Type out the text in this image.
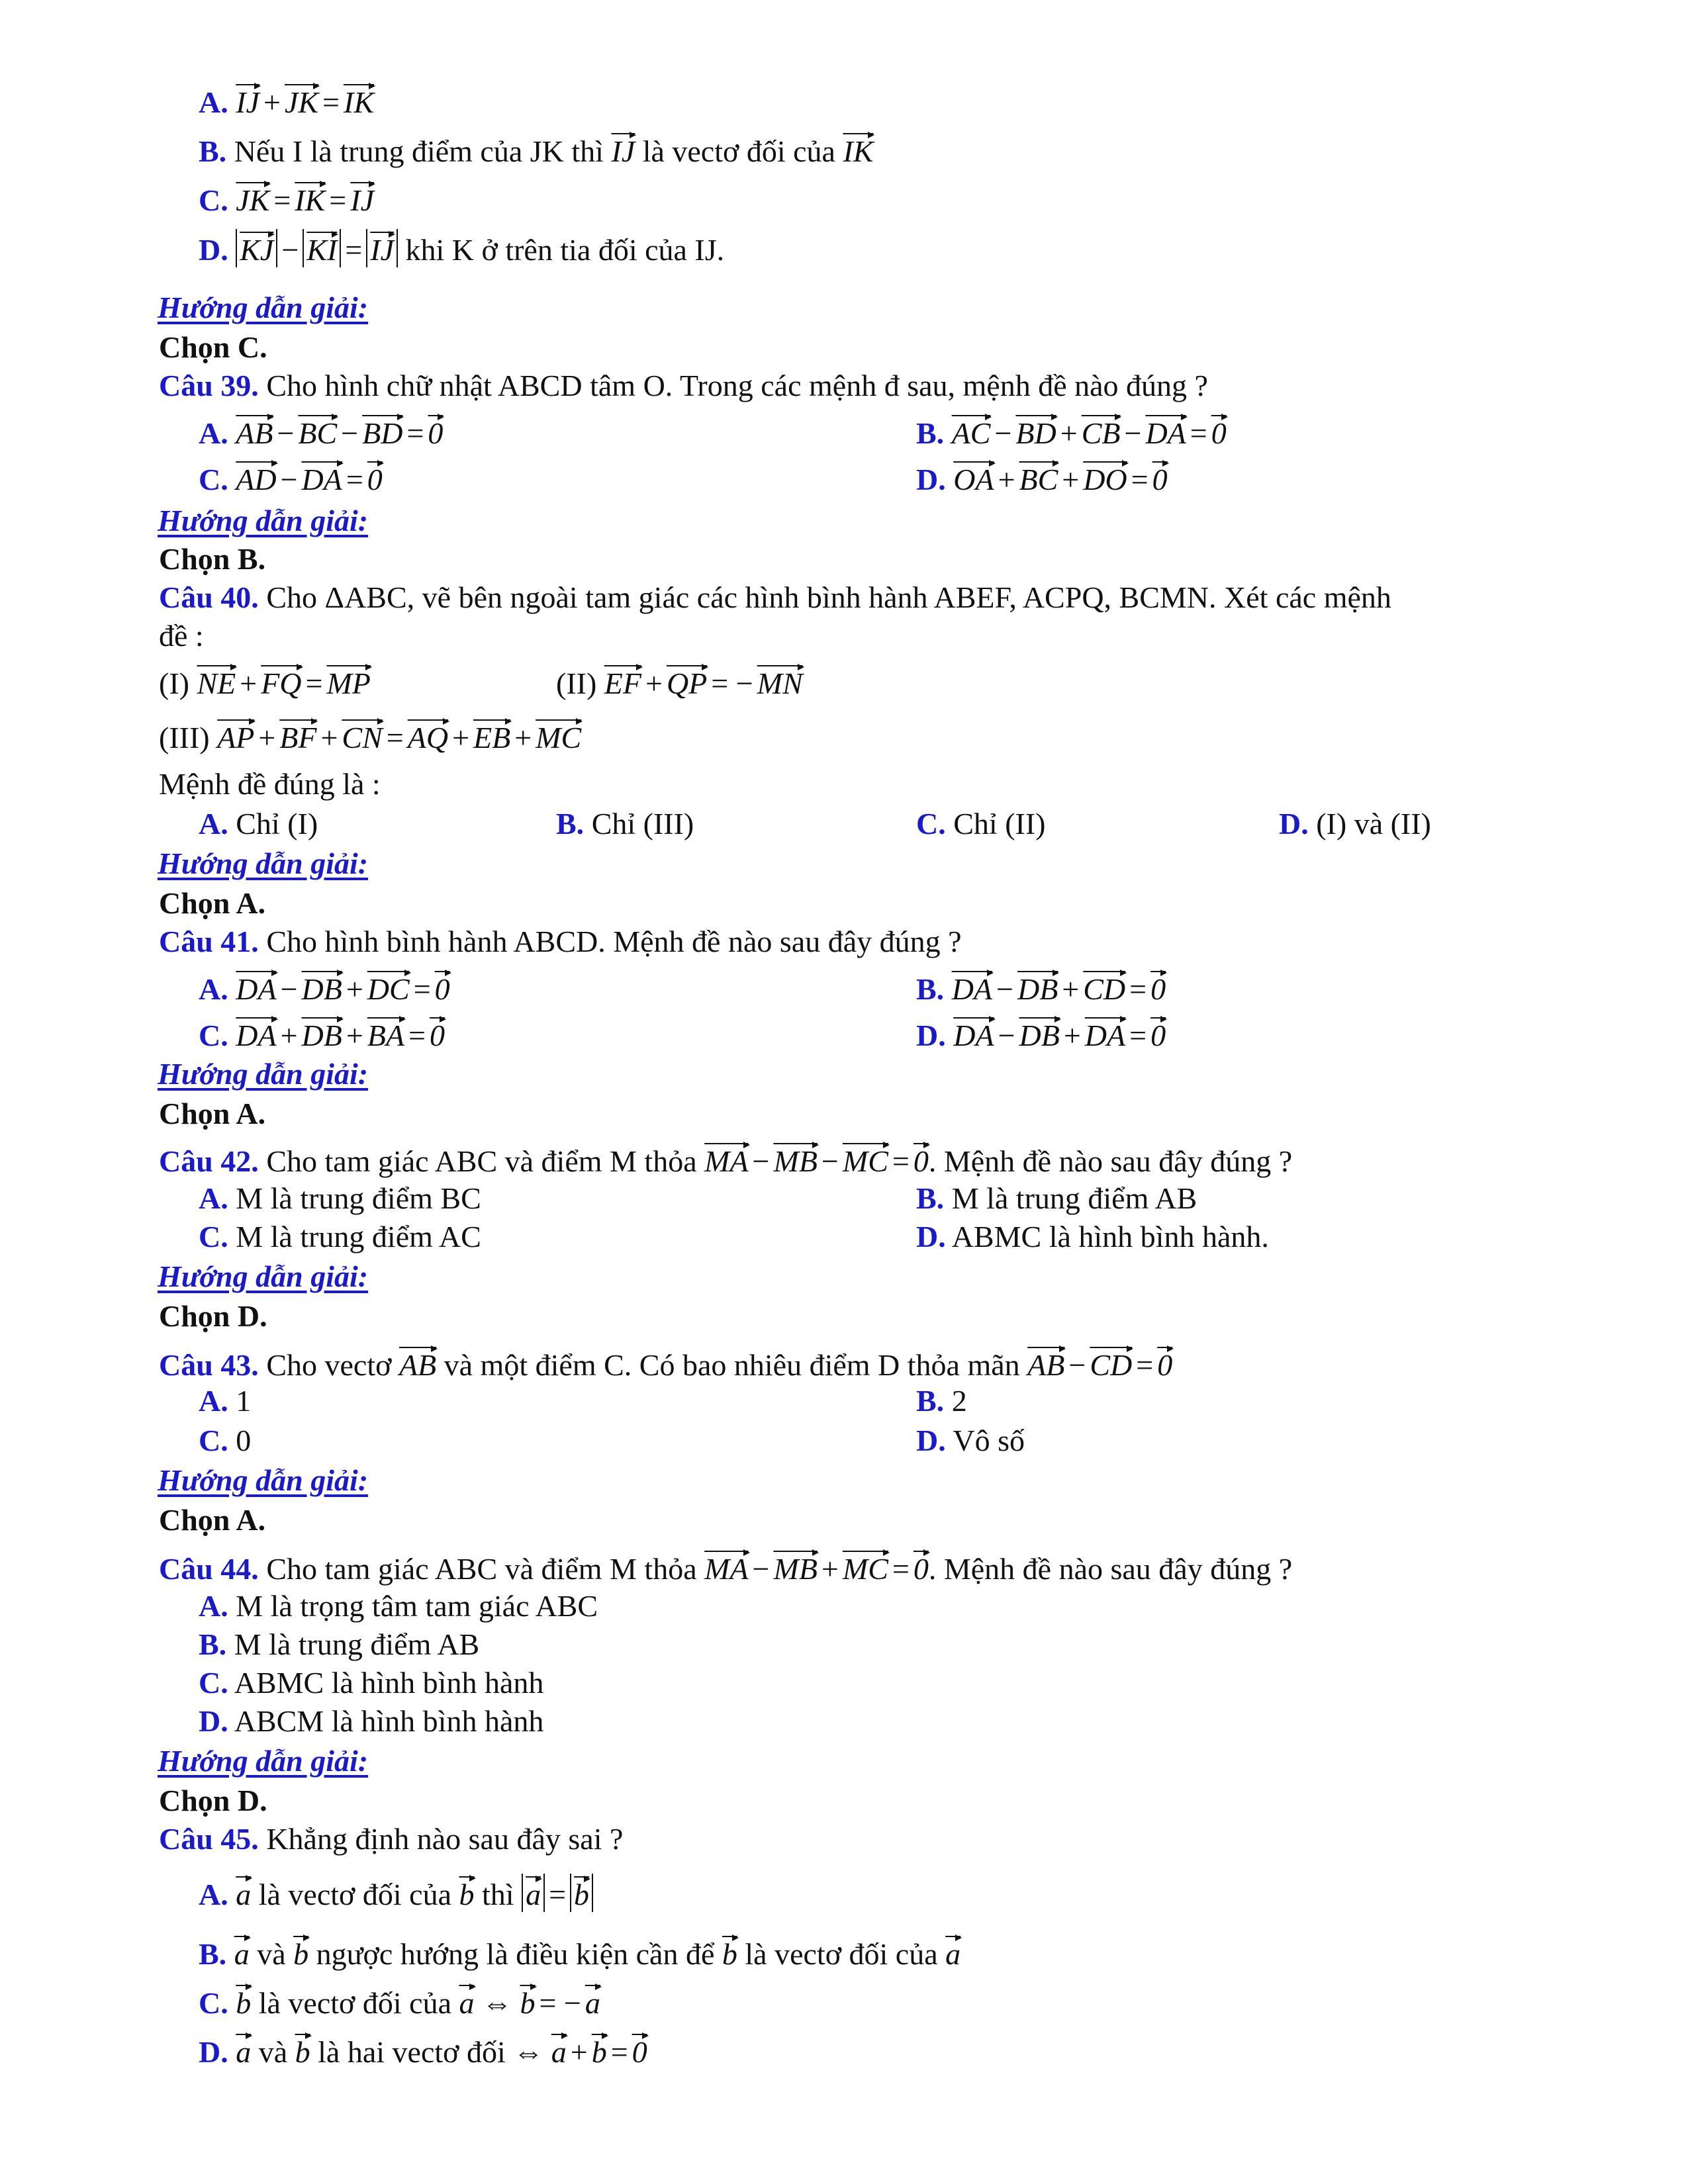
A. $\overline{IJ} + \overline{JK} = \overline{IK}$
B. Nếu I là trung điểm của JK thì $\overline{IJ}$ là vectơ đối của $\overline{IK}$
C. $\overline{JK} = \overline{IK} = \overline{IJ}$
D. $\overline{KJ} - \overline{KI} = \overline{IJ}$ khi K ở trên tia đối của IJ.
Hướng dẫn giải:
Chọn C.
Câu 39. Cho hình chữ nhật ABCD tâm O. Trong các mệnh đ sau, mệnh đề nào đúng ?
A. $\overline{AB} - \overline{BC} - \overline{BD} = 0$	B. $\overline{AC} - \overline{BD} + \overline{CB} - \overline{DA} = 0$
C. $\overline{AD} - \overline{DA} = 0$	D. $\overline{OA} + \overline{BC} + \overline{DO} = 0$
Hướng dẫn giải:
Chọn B.
Câu 40. Cho ΔABC, vẽ bên ngoài tam giác các hình bình hành ABEF, ACPQ, BCMN. Xét các mệnh
đề :
(I) $\overline{NE} + \overline{FQ} = \overline{MP}$	(II) $\overline{EF} + \overline{QP}$ = − $\overline{MN}$
(III) $\overline{AP} + \overline{BF} + \overline{CN} = \overline{AQ} + \overline{EB} + \overline{MC}$
Mệnh đề đúng là :
A. Chỉ (I)	B. Chỉ (III)	C. Chỉ (II)	D. (I) và (II)
Hướng dẫn giải:
Chọn A.
Câu 41. Cho hình bình hành ABCD. Mệnh đề nào sau đây đúng ?
A. $\overline{DA} - \overline{DB} + \overline{DC} = 0$	B. $\overline{DA} - \overline{DB} + \overline{CD} = 0$
C. $\overline{DA} + \overline{DB} + \overline{BA} = 0$	D. $\overline{DA} - \overline{DB} + \overline{DA} = 0$
Hướng dẫn giải:
Chọn A.
Câu 42. Cho tam giác ABC và điểm M thỏa $\overline{MA} - \overline{MB} - \overline{MC} = 0$. Mệnh đề nào sau đây đúng ?
A. M là trung điểm BC	B. M là trung điểm AB
C. M là trung điểm AC	D. ABMC là hình bình hành.
Hướng dẫn giải:
Chọn D.
Câu 43. Cho vectơ $\overline{AB}$ và một điểm C. Có bao nhiêu điểm D thỏa mãn $\overline{AB} - \overline{CD} = 0$
A. 1	B. 2
C. 0	D. Vô số
Hướng dẫn giải:
Chọn A.
Câu 44. Cho tam giác ABC và điểm M thỏa $\overline{MA} - \overline{MB} + \overline{MC} = 0$. Mệnh đề nào sau đây đúng ?
A. M là trọng tâm tam giác ABC
B. M là trung điểm AB
C. ABMC là hình bình hành
D. ABCM là hình bình hành
Hướng dẫn giải:
Chọn D.
Câu 45. Khẳng định nào sau đây sai ?
A. $\overline{a}$ là vectơ đối của $\overline{b}$ thì $\overline{a} = \overline{b}$
B. $\overline{a}$ và $\overline{b}$ ngược hướng là điều kiện cần để $\overline{b}$ là vectơ đối của $\overline{a}$
C. $\overline{b}$ là vectơ đối của $\overline{a}$ ⇔ $\overline{b}$ = − $\overline{a}$
D. $\overline{a}$ và $\overline{b}$ là hai vectơ đối ⇔ $\overline{a} + \overline{b} = 0$
